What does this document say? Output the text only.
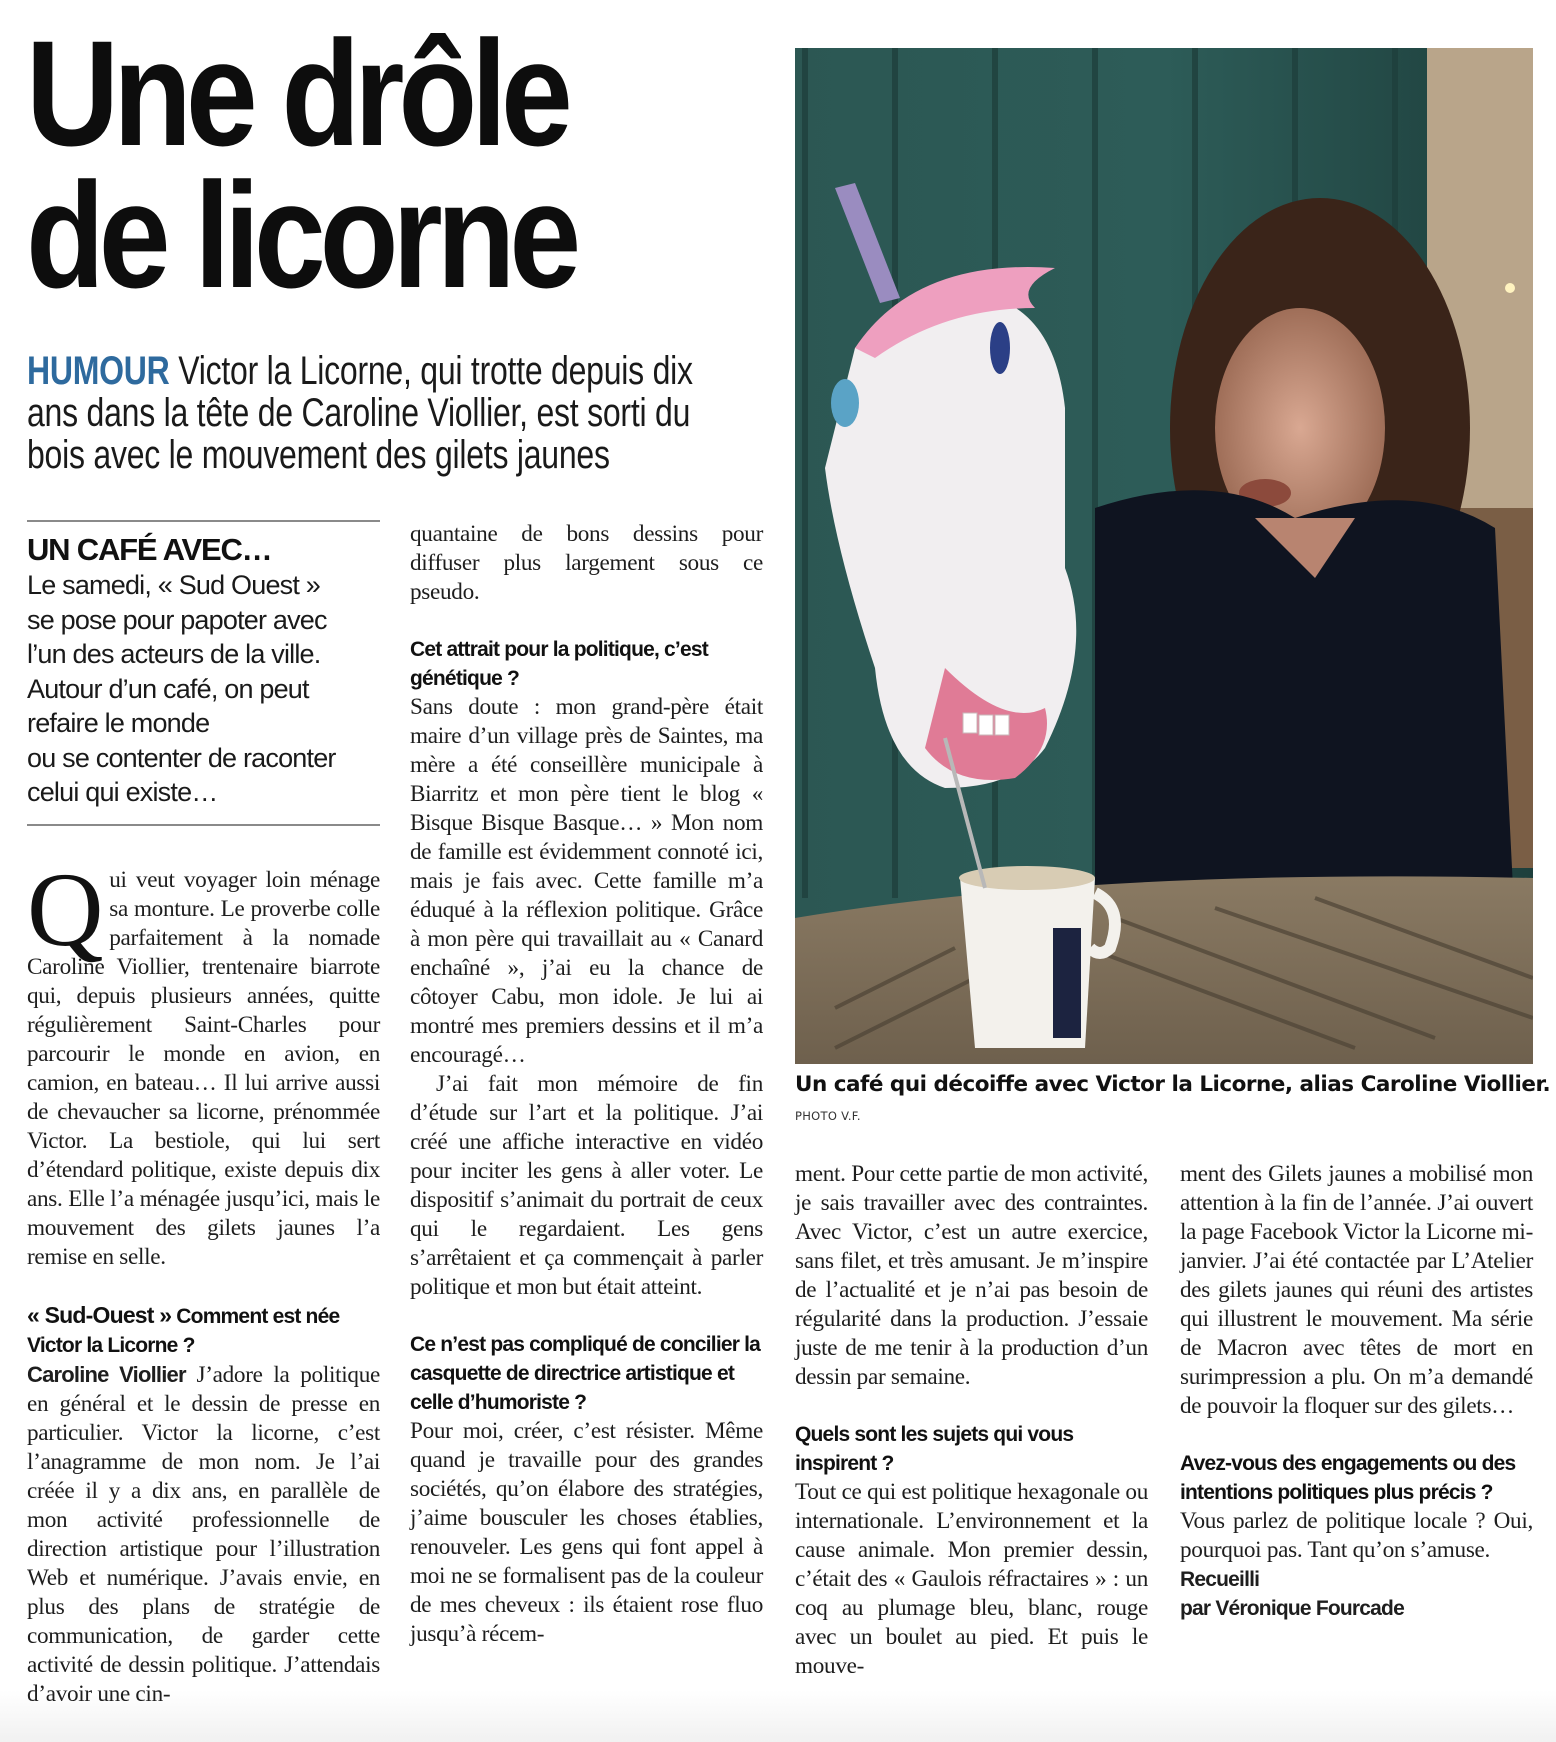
Une drôle
de licorne

HUMOUR Victor la Licorne, qui trotte depuis dix ans dans la tête de Caroline Viollier, est sorti du bois avec le mouvement des gilets jaunes

UN CAFÉ AVEC…

Le samedi, « Sud Ouest »

se pose pour papoter avec

l’un des acteurs de la ville.

Autour d’un café, on peut

refaire le monde

ou se contenter de raconter

celui qui existe…

Qui veut voyager loin ménage sa monture. Le proverbe colle parfaitement à la nomade Caroline Viollier, trentenaire biarrote qui, depuis plusieurs années, quitte régulièrement Saint-Charles pour parcourir le monde en avion, en camion, en bateau… Il lui arrive aussi de chevaucher sa licorne, prénommée Victor. La bestiole, qui lui sert d’étendard politique, existe depuis dix ans. Elle l’a ménagée jusqu’ici, mais le mouvement des gilets jaunes l’a remise en selle.

« Sud-Ouest » Comment est née Victor la Licorne ?

Caroline Viollier J’adore la politique en général et le dessin de presse en particulier. Victor la licorne, c’est l’anagramme de mon nom. Je l’ai créée il y a dix ans, en parallèle de mon activité professionnelle de direction artistique pour l’illustration Web et numérique. J’avais envie, en plus des plans de stratégie de communication, de garder cette activité de dessin politique. J’attendais d’avoir une cin-

quantaine de bons dessins pour diffuser plus largement sous ce pseudo.

Cet attrait pour la politique, c’est génétique ?

Sans doute : mon grand-père était maire d’un village près de Saintes, ma mère a été conseillère municipale à Biarritz et mon père tient le blog « Bisque Bisque Basque… » Mon nom de famille est évidemment connoté ici, mais je fais avec. Cette famille m’a éduqué à la réflexion politique. Grâce à mon père qui travaillait au « Canard enchaîné », j’ai eu la chance de côtoyer Cabu, mon idole. Je lui ai montré mes premiers dessins et il m’a encouragé…

J’ai fait mon mémoire de fin d’étude sur l’art et la politique. J’ai créé une affiche interactive en vidéo pour inciter les gens à aller voter. Le dispositif s’animait du portrait de ceux qui le regardaient. Les gens s’arrêtaient et ça commençait à parler politique et mon but était atteint.

Ce n’est pas compliqué de concilier la casquette de directrice artistique et celle d’humoriste ?

Pour moi, créer, c’est résister. Même quand je travaille pour des grandes sociétés, qu’on élabore des stratégies, j’aime bousculer les choses établies, renouveler. Les gens qui font appel à moi ne se formalisent pas de la couleur de mes cheveux : ils étaient rose fluo jusqu’à récem-

Un café qui décoiffe avec Victor la Licorne, alias Caroline Viollier. PHOTO V.F.

ment. Pour cette partie de mon activité, je sais travailler avec des contraintes. Avec Victor, c’est un autre exercice, sans filet, et très amusant. Je m’inspire de l’actualité et je n’ai pas besoin de régularité dans la production. J’essaie juste de me tenir à la production d’un dessin par semaine.

Quels sont les sujets qui vous inspirent ?

Tout ce qui est politique hexagonale ou internationale. L’environnement et la cause animale. Mon premier dessin, c’était des « Gaulois réfractaires » : un coq au plumage bleu, blanc, rouge avec un boulet au pied. Et puis le mouve-

ment des Gilets jaunes a mobilisé mon attention à la fin de l’année. J’ai ouvert la page Facebook Victor la Licorne mi-janvier. J’ai été contactée par L’Atelier des gilets jaunes qui réuni des artistes qui illustrent le mouvement. Ma série de Macron avec têtes de mort en surimpression a plu. On m’a demandé de pouvoir la floquer sur des gilets…

Avez-vous des engagements ou des intentions politiques plus précis ?

Vous parlez de politique locale ? Oui, pourquoi pas. Tant qu’on s’amuse.

Recueilli

par Véronique Fourcade
